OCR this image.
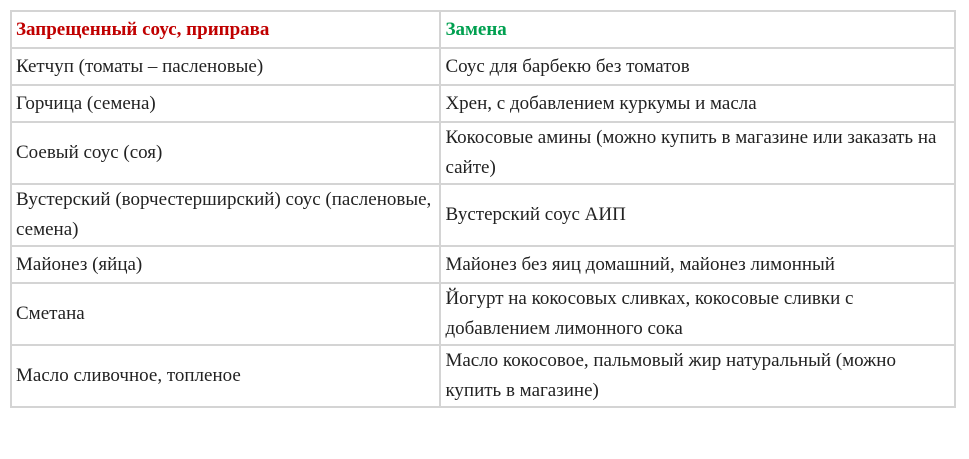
Запрещенный соус, приправа	Замена
Кетчуп (томаты – пасленовые)	Соус для барбекю без томатов
Горчица (семена)	Хрен, с добавлением куркумы и масла
Соевый соус (соя)	Кокосовые амины (можно купить в магазине или заказать на сайте)
Вустерский (ворчестерширский) соус (пасленовые, семена)	Вустерский соус АИП
Майонез (яйца)	Майонез без яиц домашний, майонез лимонный
Сметана	Йогурт на кокосовых сливках, кокосовые сливки с добавлением лимонного сока
Масло сливочное, топленое	Масло кокосовое, пальмовый жир натуральный (можно купить в магазине)
